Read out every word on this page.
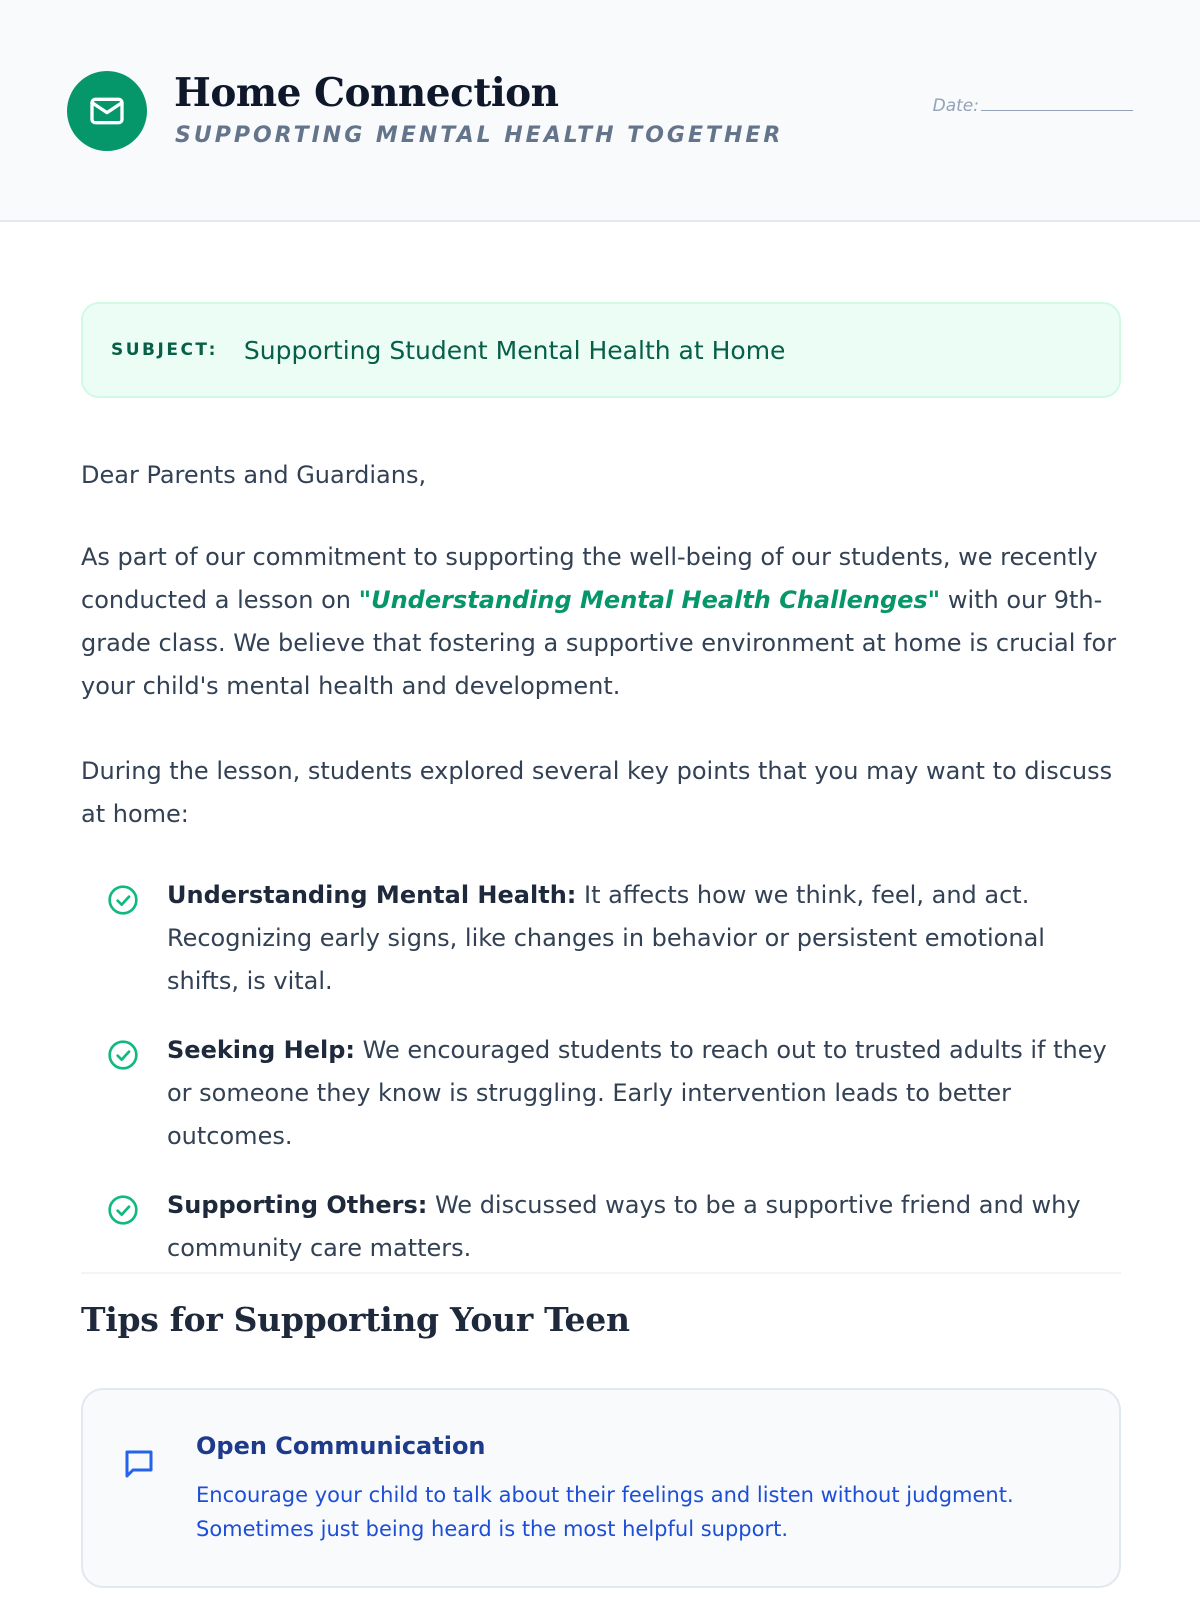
Home Connection
SUPPORTING MENTAL HEALTH TOGETHER
Date:
SUBJECT: Supporting Student Mental Health at Home

Dear Parents and Guardians,

As part of our commitment to supporting the well-being of our students, we recently conducted a lesson on "Understanding Mental Health Challenges" with our 9th-grade class. We believe that fostering a supportive environment at home is crucial for your child's mental health and development.

During the lesson, students explored several key points that you may want to discuss at home:

Understanding Mental Health: It affects how we think, feel, and act. Recognizing early signs, like changes in behavior or persistent emotional shifts, is vital.
Seeking Help: We encouraged students to reach out to trusted adults if they or someone they know is struggling. Early intervention leads to better outcomes.
Supporting Others: We discussed ways to be a supportive friend and why community care matters.
Tips for Supporting Your Teen
Open Communication
Encourage your child to talk about their feelings and listen without judgment. Sometimes just being heard is the most helpful support.
